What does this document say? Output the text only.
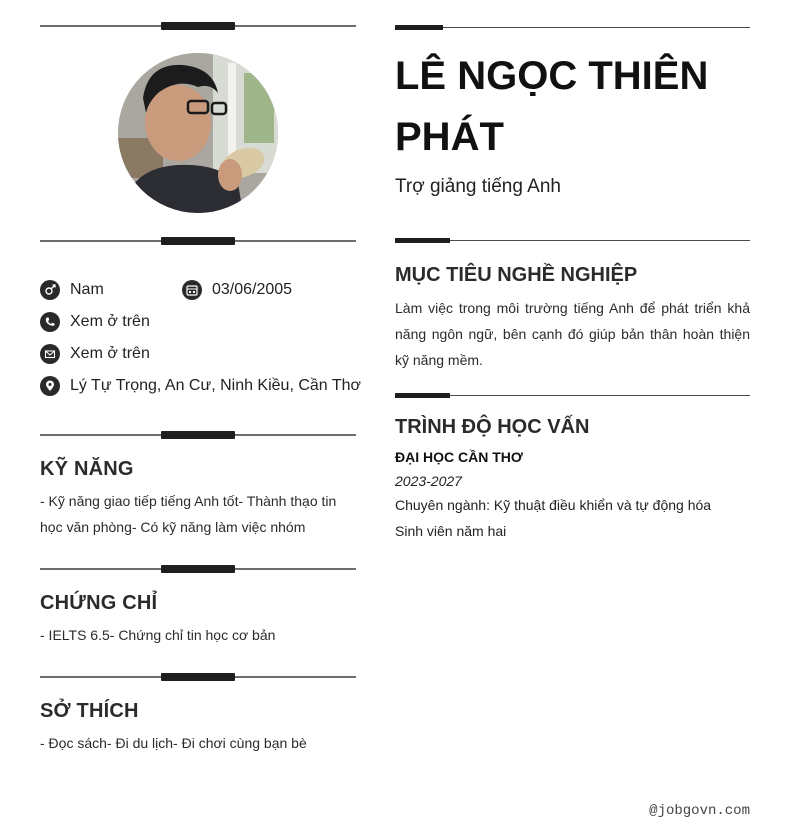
Nam	03/06/2005
Xem ở trên
Xem ở trên
Lý Tự Trọng, An Cư, Ninh Kiều, Cần Thơ
KỸ NĂNG
- Kỹ năng giao tiếp tiếng Anh tốt- Thành thạo tin học văn phòng- Có kỹ năng làm việc nhóm
CHỨNG CHỈ
- IELTS 6.5- Chứng chỉ tin học cơ bản
SỞ THÍCH
- Đọc sách- Đi du lịch- Đi chơi cùng bạn bè
LÊ NGỌC THIÊN PHÁT
Trợ giảng tiếng Anh
MỤC TIÊU NGHỀ NGHIỆP
Làm việc trong môi trường tiếng Anh để phát triển khả năng ngôn ngữ, bên cạnh đó giúp bản thân hoàn thiện kỹ năng mềm.
TRÌNH ĐỘ HỌC VẤN
ĐẠI HỌC CẦN THƠ
2023-2027
Chuyên ngành: Kỹ thuật điều khiển và tự động hóa
Sinh viên năm hai
@jobgovn.com
